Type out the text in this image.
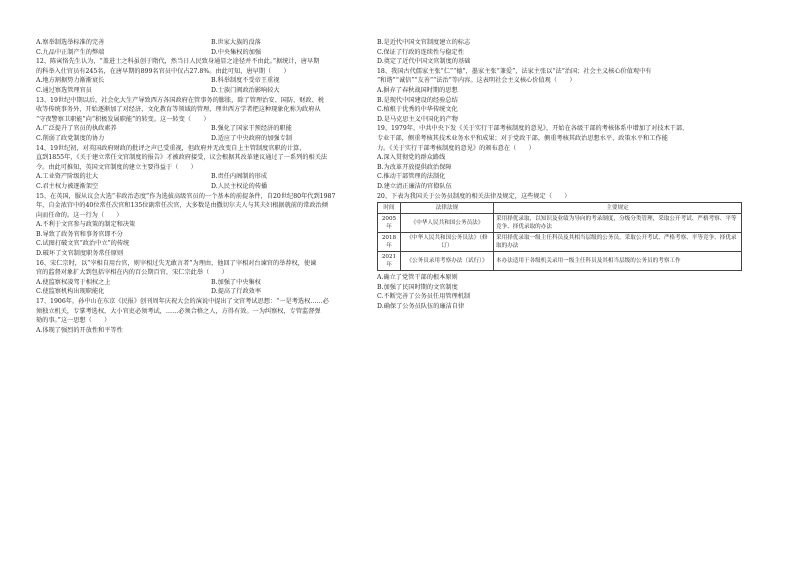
A.察举制选举标准的完善	B.世家大族的没落
C.九品中正制产生的弊端	D.中央集权的加强
12、陈寅恪先生认为，“盖进士之科虽创于隋代，然当日人民致身通显之途径并不由此。”据统计，唐早期
的科举入仕官员有245名，在唐早期的899名官员中仅占27.8%。由此可知，唐早期（　　）
A.地方割据势力渐渐衰长	B.科举制度不受帝王重视
C.通过察选管理官员	D.士族门阀政治影响较大
13、19世纪中期以后，社会化大生产导致西方各国政府在管事务的膨胀，除了管理治安、国防、财政、税
收等传统事务外，开始逐渐加了对经济、文化教育等领域的管理，理世西方学者把这种现象化称为政府从
“守夜警察卫职能”向“积极发展职能”的转变。这一转变（　　）
A.广泛提升了官员的执政素养	B.强化了国家干预经济的职能
C.削弱了政党制度的协力	D.适应了中央政府的加强专制
14、19世纪初，对英国政府财政的批评之声已受重视，但政府并无改变自上主管制度官职的计算，
直到1855年，《关于建立常任文官制度的报告》才被政府接受，议会根据其改革建议通过了一系列的相关法
令。由此可推知，英国文官制度的建立主要得益于（　　）
A.工业资产阶级的壮大	B.责任内阁制的形成
C.君主权力被逐渐架空	D.人民主权论的传播
15、在英国，服从议会大选“非政治态度”作为选拔高级官员的一个基本的前提条件，自20世纪80年代到1987
年，自金浓宫中的40位常任次官和135位副常任次官，大多数是由撒切尔夫人与其夫妇根据就前的常政治倾
向而任命的。这一行为（　　）
A.不利于文官参与政策的制定和决策
B.导致了政务官和事务官即不分
C.试图打破文官“政治中立”的传统
D.破坏了文官制度职务常任原则
16、宋仁宗时，以“宰相自用台官，则宰相过失无敢言者”为理由，他回了宰相对台谏官的举荐权，使谏
官的监督对象扩大到包括宰相在内的百公期百官，宋仁宗此举（　　）
A.使监察权凌驾于相权之上	B.加强了中央集权
C.使监察机构出现职能化	D.提高了行政效率
17、1906年，孙中山在东京《民报》创刊周年庆祝大会的演说中提出了文官考试思想：“一是考选权……必
须独立机关，专掌考选权，大小官吏必须考试，……必须合格之人，方得有效。一为纠察权，专管监督弹
劾的事。”这一思想（　　）
A.体现了强烈的开放性和平等性
B.是近代中国文官制度建立的标志
C.保证了行政的连续性与稳定性
D.奠定了近代中国文官制度的基础
18、我国古代儒家主张“仁”“德”，墨家主张“兼爱”，法家主张以“法”治国；社会主义核心价值观中有
“和谐”“诚信”“友善”“法治”等内容。这表明社会主义核心价值观（　　）
A.摒弃了春秋战国时期的思想
B.是现代中国建设的经验总结
C.植根于优秀的中华传统文化
D.是马克思主义中国化的产物
19、1979年，中共中央下发《关于实行干部考核制度的意见》，开始在各级干部的考核体系中增加了对技术干部、
专业干部，侧重考核其技术业务水平和成果；对于党政干部，侧重考核其政治思想水平、政策水平和工作能
力。《关于实行干部考核制度的意见》的颁布意在（　　）
A.深入贯彻党的群众路线
B.为改革开放提供政治保障
C.推动干部管理的法制化
D.建立清正廉洁的官僚队伍
20、下表为我国关于公务员制度的相关法律及规定，这些规定（　　）
时间	法律法规	主要规定
2005年	《中华人民共和国公务员法》	采用择优录取，以知识及业绩为导向的考录制度，分级分类管理，采取公开考试、严格考察、平等竞争、择优录取的办法
2018年	《中华人民共和国公务员法》（修订）	采用择优录取一级主任科员及其相当层级的公务员，采取公开考试、严格考察、平等竞争、择优录取的办法
2021年	《公务员录用考察办法（试行）》	本办法适用于各级机关录用一级主任科员及其相当层级的公务员的考察工作
A.确立了党管干部的根本原则
B.加强了民国时期的文官制度
C.不断完善了公务员任用管理机制
D.确保了公务员队伍的廉洁自律
